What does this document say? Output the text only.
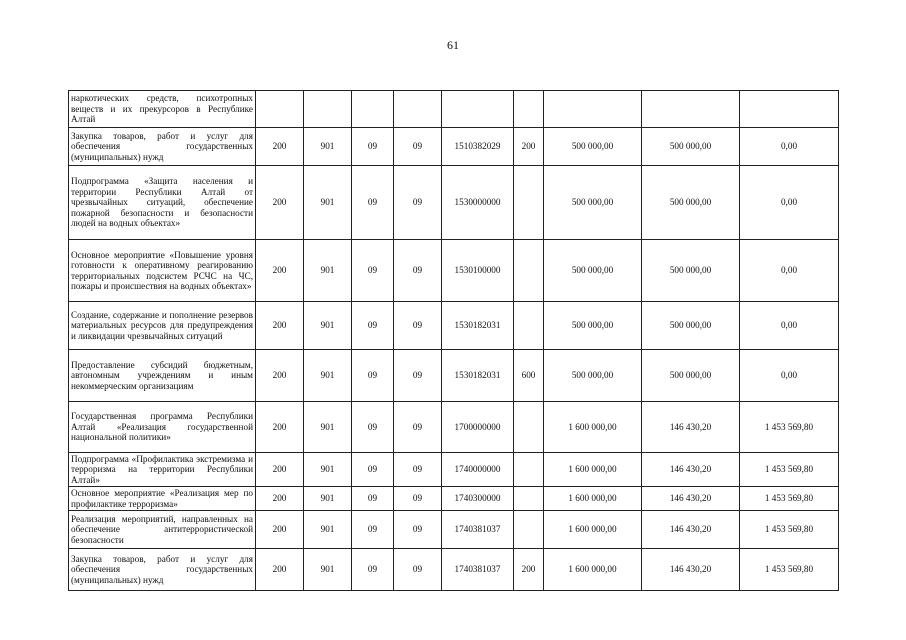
61
наркотических средств, психотропных веществ и их прекурсоров в Республике Алтай									
Закупка товаров, работ и услуг для обеспечения государственных (муниципальных) нужд	200	901	09	09	1510382029	200	500 000,00	500 000,00	0,00
Подпрограмма «Защита населения и территории Республики Алтай от чрезвычайных ситуаций, обеспечение пожарной безопасности и безопасности людей на водных объектах»	200	901	09	09	1530000000		500 000,00	500 000,00	0,00
Основное мероприятие «Повышение уровня готовности к оперативному реагированию территориальных подсистем РСЧС на ЧС, пожары и происшествия на водных объектах»	200	901	09	09	1530100000		500 000,00	500 000,00	0,00
Создание, содержание и пополнение резервов материальных ресурсов для предупреждения и ликвидации чрезвычайных ситуаций	200	901	09	09	1530182031		500 000,00	500 000,00	0,00
Предоставление субсидий бюджетным, автономным учреждениям и иным некоммерческим организациям	200	901	09	09	1530182031	600	500 000,00	500 000,00	0,00
Государственная программа Республики Алтай «Реализация государственной национальной политики»	200	901	09	09	1700000000		1 600 000,00	146 430,20	1 453 569,80
Подпрограмма «Профилактика экстремизма и терроризма на территории Республики Алтай»	200	901	09	09	1740000000		1 600 000,00	146 430,20	1 453 569,80
Основное мероприятие «Реализация мер по профилактике терроризма»	200	901	09	09	1740300000		1 600 000,00	146 430,20	1 453 569,80
Реализация мероприятий, направленных на обеспечение антитеррористической безопасности	200	901	09	09	1740381037		1 600 000,00	146 430,20	1 453 569,80
Закупка товаров, работ и услуг для обеспечения государственных (муниципальных) нужд	200	901	09	09	1740381037	200	1 600 000,00	146 430,20	1 453 569,80
